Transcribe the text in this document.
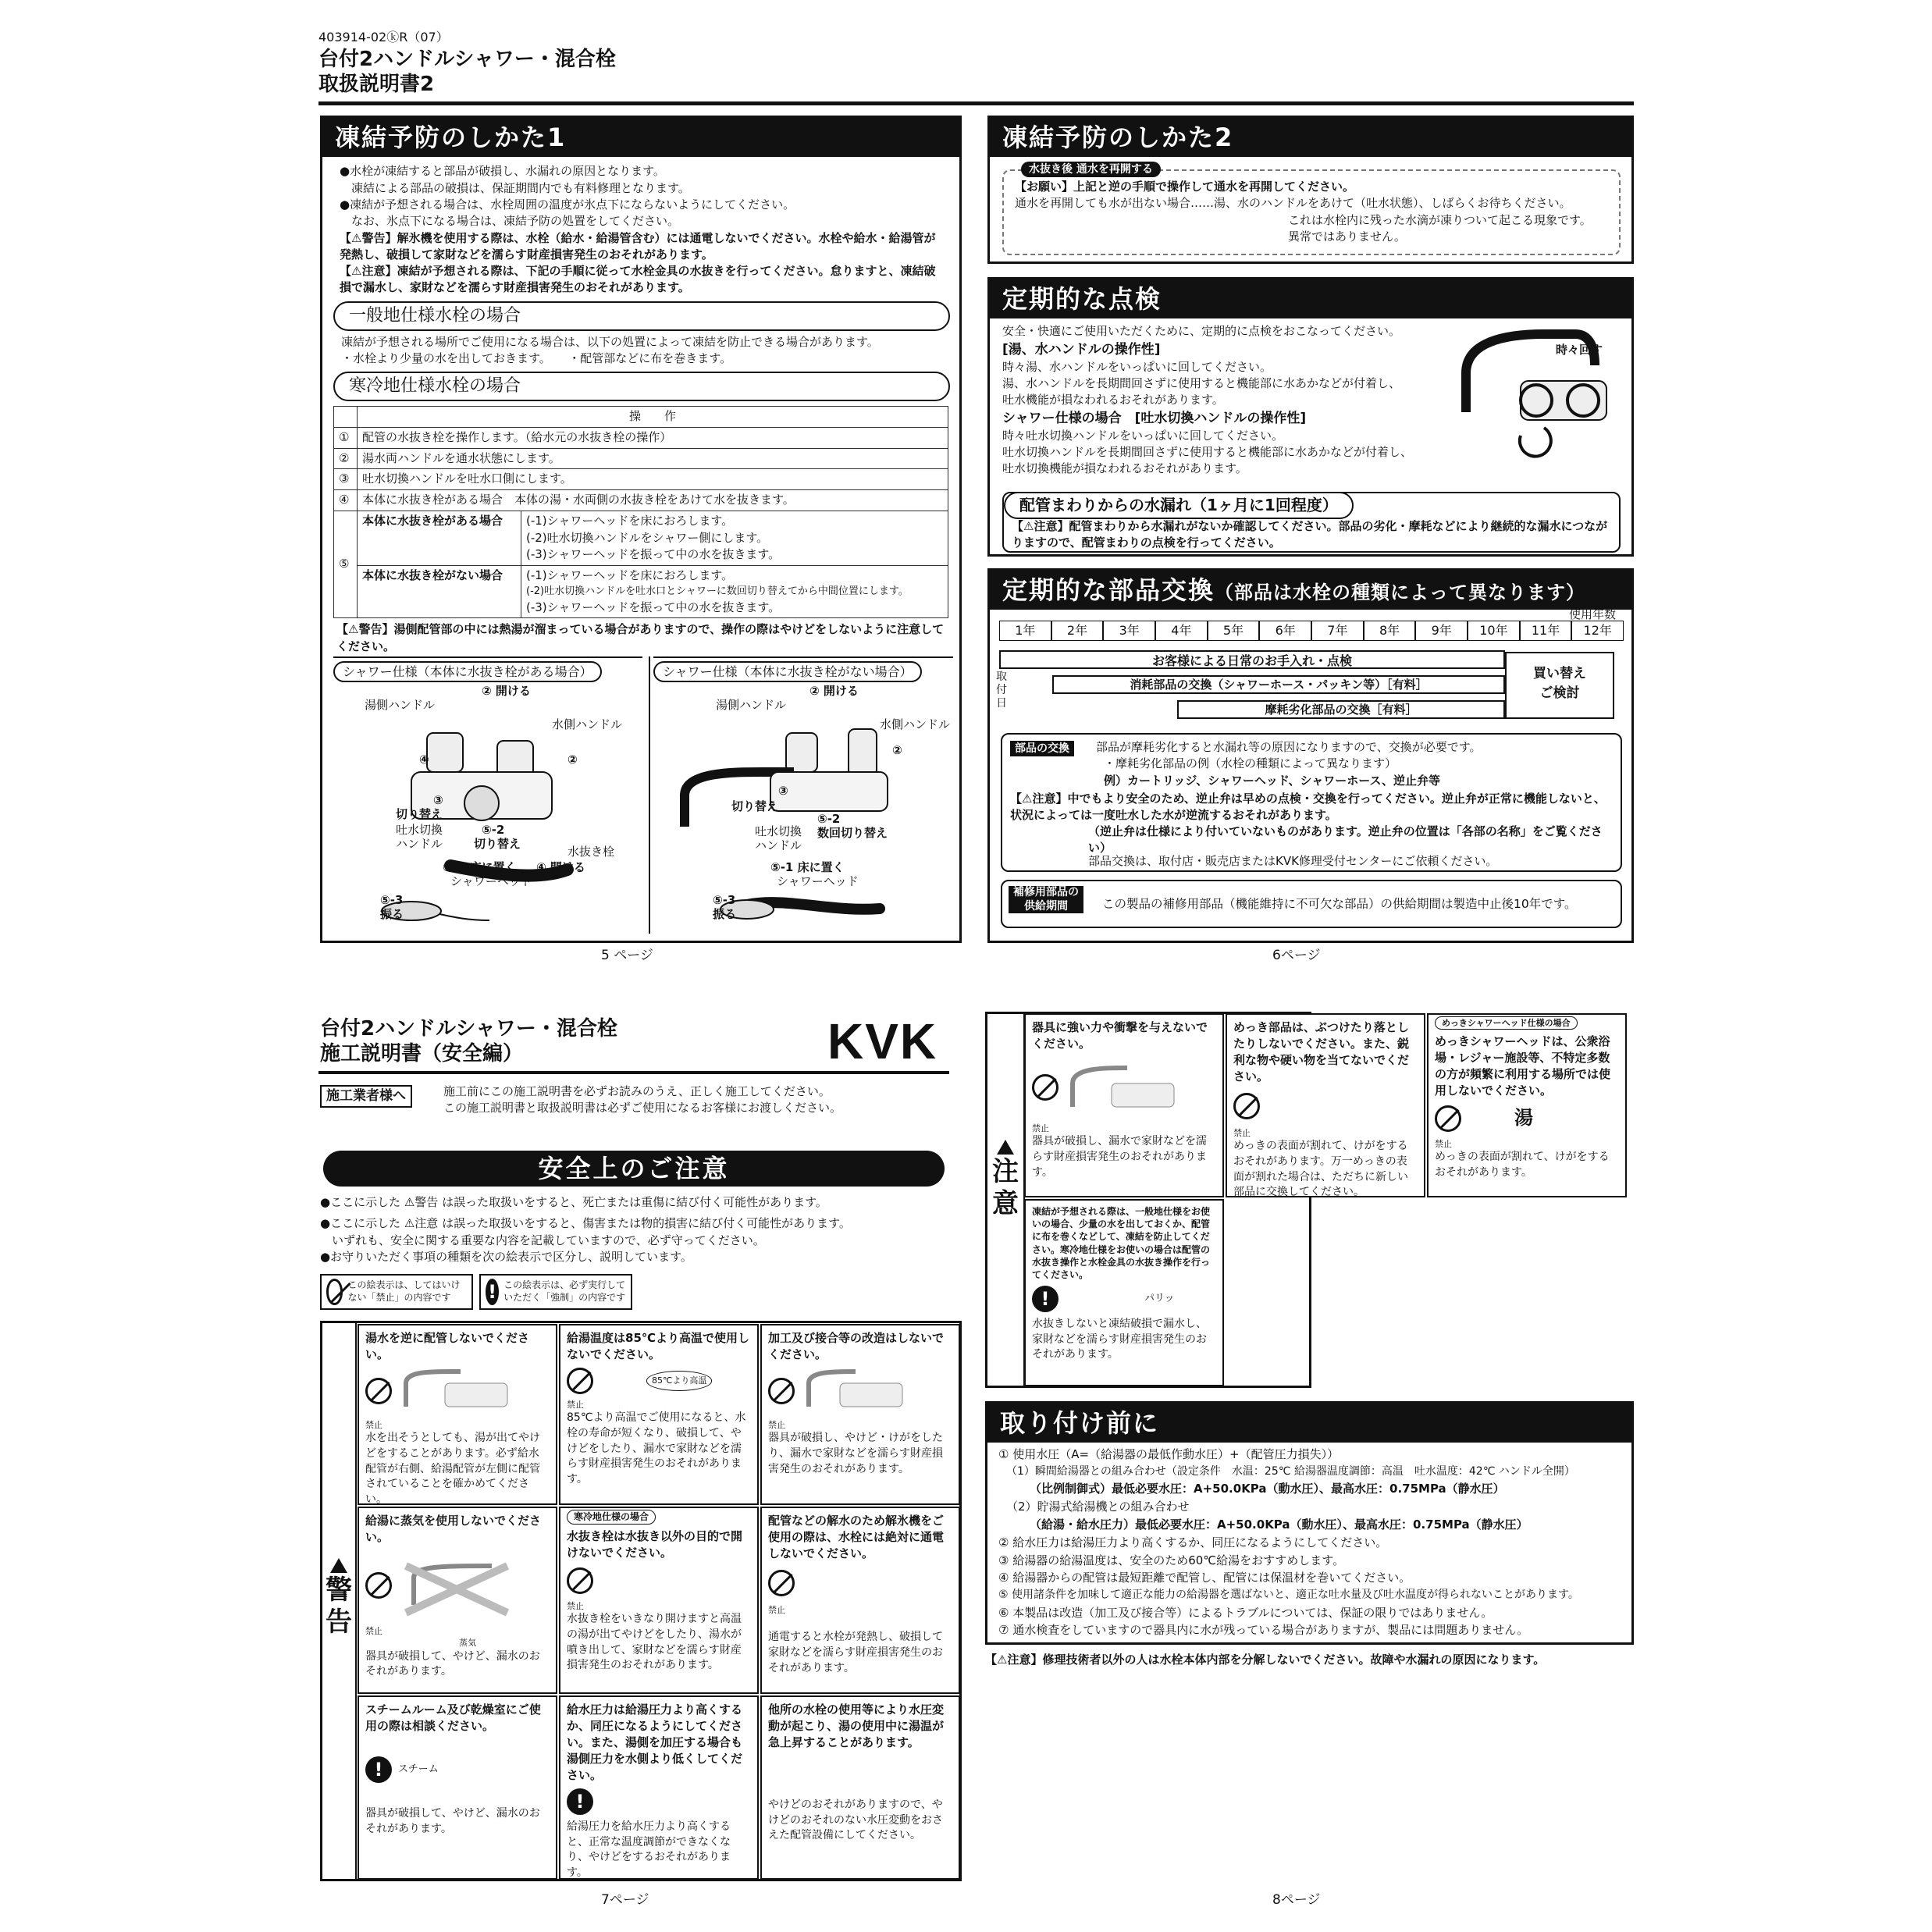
403914-02ⓚR（07）
台付2ハンドルシャワー・混合栓
取扱説明書2
凍結予防のしかた1
●水栓が凍結すると部品が破損し、水漏れの原因となります。
　凍結による部品の破損は、保証期間内でも有料修理となります。
●凍結が予想される場合は、水栓周囲の温度が氷点下にならないようにしてください。
　なお、氷点下になる場合は、凍結予防の処置をしてください。
【⚠警告】解氷機を使用する際は、水栓（給水・給湯管含む）には通電しないでください。水栓や給水・給湯管が発熱し、破損して家財などを濡らす財産損害発生のおそれがあります。
【⚠注意】凍結が予想される際は、下記の手順に従って水栓金具の水抜きを行ってください。怠りますと、凍結破損で漏水し、家財などを濡らす財産損害発生のおそれがあります。
一般地仕様水栓の場合
凍結が予想される場所でご使用になる場合は、以下の処置によって凍結を防止できる場合があります。
・水栓より少量の水を出しておきます。　　・配管部などに布を巻きます。
寒冷地仕様水栓の場合
	操　　作	
①	配管の水抜き栓を操作します。（給水元の水抜き栓の操作）	
②	湯水両ハンドルを通水状態にします。	
③	吐水切換ハンドルを吐水口側にします。	
④	本体に水抜き栓がある場合　本体の湯・水両側の水抜き栓をあけて水を抜きます。	
⑤	本体に水抜き栓がある場合	(-1)シャワーヘッドを床におろします。
(-2)吐水切換ハンドルをシャワー側にします。
(-3)シャワーヘッドを振って中の水を抜きます。

	本体に水抜き栓がない場合	(-1)シャワーヘッドを床におろします。
(-2)吐水切換ハンドルを吐水口とシャワーに数回切り替えてから中間位置にします。
(-3)シャワーヘッドを振って中の水を抜きます。
【⚠警告】湯側配管部の中には熱湯が溜まっている場合がありますので、操作の際はやけどをしないように注意してください。
シャワー仕様（本体に水抜き栓がある場合）
湯側ハンドル
② 開ける
水側ハンドル
④	②
③
切り替え
吐水切換
ハンドル
⑤-2
切り替え
水抜き栓
④ 開ける
⑤-1 床に置く
シャワーヘッド
⑤-3
振る
シャワー仕様（本体に水抜き栓がない場合）
湯側ハンドル
② 開ける
水側ハンドル
②
③
切り替え
吐水切換
ハンドル
⑤-2
数回切り替え
⑤-1 床に置く
シャワーヘッド
⑤-3
振る
5 ページ
凍結予防のしかた2
水抜き後 通水を再開する
【お願い】上記と逆の手順で操作して通水を再開してください。
通水を再開しても水が出ない場合……湯、水のハンドルをあけて（吐水状態）、しばらくお待ちください。
これは水栓内に残った水滴が凍りついて起こる現象です。
異常ではありません。
定期的な点検
安全・快適にご使用いただくために、定期的に点検をおこなってください。
[湯、水ハンドルの操作性]
時々湯、水ハンドルをいっぱいに回してください。
湯、水ハンドルを長期間回さずに使用すると機能部に水あかなどが付着し、
吐水機能が損なわれるおそれがあります。
シャワー仕様の場合　[吐水切換ハンドルの操作性]
時々吐水切換ハンドルをいっぱいに回してください。
吐水切換ハンドルを長期間回さずに使用すると機能部に水あかなどが付着し、
吐水切換機能が損なわれるおそれがあります。
時々回す
配管まわりからの水漏れ（1ヶ月に1回程度）
【⚠注意】配管まわりから水漏れがないか確認してください。部品の劣化・摩耗などにより継続的な漏水につながりますので、配管まわりの点検を行ってください。
定期的な部品交換（部品は水栓の種類によって異なります）
使用年数
1年	2年	3年	4年	5年	6年	7年	8年	9年	10年	11年	12年
お客様による日常のお手入れ・点検
消耗部品の交換（シャワーホース・パッキン等）［有料］
摩耗劣化部品の交換［有料］
取付日
買い替え
ご検討
部品の交換	部品が摩耗劣化すると水漏れ等の原因になりますので、交換が必要です。
・摩耗劣化部品の例（水栓の種類によって異なります）
例）カートリッジ、シャワーヘッド、シャワーホース、逆止弁等
【⚠注意】中でもより安全のため、逆止弁は早めの点検・交換を行ってください。逆止弁が正常に機能しないと、状況によっては一度吐水した水が逆流するおそれがあります。
（逆止弁は仕様により付いていないものがあります。逆止弁の位置は「各部の名称」をご覧ください）
部品交換は、取付店・販売店またはKVK修理受付センターにご依頼ください。
補修用部品の
供給期間	この製品の補修用部品（機能維持に不可欠な部品）の供給期間は製造中止後10年です。
6ページ
台付2ハンドルシャワー・混合栓
施工説明書（安全編）	KVK
施工業者様へ	施工前にこの施工説明書を必ずお読みのうえ、正しく施工してください。
この施工説明書と取扱説明書は必ずご使用になるお客様にお渡しください。
安全上のご注意
●ここに示した ⚠警告 は誤った取扱いをすると、死亡または重傷に結び付く可能性があります。
●ここに示した ⚠注意 は誤った取扱いをすると、傷害または物的損害に結び付く可能性があります。
　いずれも、安全に関する重要な内容を記載していますので、必ず守ってください。
●お守りいただく事項の種類を次の絵表示で区分し、説明しています。
この絵表示は、してはいけない「禁止」の内容です	! この絵表示は、必ず実行していただく「強制」の内容です
警告
湯水を逆に配管しないでください。
禁止
水を出そうとしても、湯が出てやけどをすることがあります。必ず給水配管が右側、給湯配管が左側に配管されていることを確かめてください。
給湯温度は85℃より高温で使用しないでください。
85℃より高温
禁止
85℃より高温でご使用になると、水栓の寿命が短くなり、破損して、やけどをしたり、漏水で家財などを濡らす財産損害発生のおそれがあります。
加工及び接合等の改造はしないでください。
禁止
器具が破損し、やけど・けがをしたり、漏水で家財などを濡らす財産損害発生のおそれがあります。
給湯に蒸気を使用しないでください。
禁止
蒸気
器具が破損して、やけど、漏水のおそれがあります。
寒冷地仕様の場合
水抜き栓は水抜き以外の目的で開けないでください。
禁止
水抜き栓をいきなり開けますと高温の湯が出てやけどをしたり、湯水が噴き出して、家財などを濡らす財産損害発生のおそれがあります。
配管などの解水のため解氷機をご使用の際は、水栓には絶対に通電しないでください。
禁止
通電すると水栓が発熱し、破損して家財などを濡らす財産損害発生のおそれがあります。
スチームルーム及び乾燥室にご使用の際は相談ください。
!	スチーム
器具が破損して、やけど、漏水のおそれがあります。
給水圧力は給湯圧力より高くするか、同圧になるようにしてください。また、湯側を加圧する場合も湯側圧力を水側より低くしてください。
!
給湯圧力を給水圧力より高くすると、正常な温度調節ができなくなり、やけどをするおそれがあります。
他所の水栓の使用等により水圧変動が起こり、湯の使用中に湯温が急上昇することがあります。
やけどのおそれがありますので、やけどのおそれのない水圧変動をおさえた配管設備にしてください。
7ページ
注意
器具に強い力や衝撃を与えないでください。
禁止
器具が破損し、漏水で家財などを濡らす財産損害発生のおそれがあります。
めっき部品は、ぶつけたり落としたりしないでください。また、鋭利な物や硬い物を当てないでください。
禁止
めっきの表面が割れて、けがをするおそれがあります。万一めっきの表面が割れた場合は、ただちに新しい部品に交換してください。
めっきシャワーヘッド仕様の場合
めっきシャワーヘッドは、公衆浴場・レジャー施設等、不特定多数の方が頻繁に利用する場所では使用しないでください。
湯
禁止
めっきの表面が割れて、けがをするおそれがあります。
凍結が予想される際は、一般地仕様をお使いの場合、少量の水を出しておくか、配管に布を巻くなどして、凍結を防止してください。寒冷地仕様をお使いの場合は配管の水抜き操作と水栓金具の水抜き操作を行ってください。
!	パリッ
水抜きしないと凍結破損で漏水し、家財などを濡らす財産損害発生のおそれがあります。
取り付け前に
① 使用水圧（A=（給湯器の最低作動水圧）+（配管圧力損失））
（1）瞬間給湯器との組み合わせ（設定条件　水温：25℃ 給湯器温度調節：高温　吐水温度：42℃ ハンドル全開）
（比例制御式）最低必要水圧：A+50.0KPa（動水圧）、最高水圧：0.75MPa（静水圧）
（2）貯湯式給湯機との組み合わせ
（給湯・給水圧力）最低必要水圧：A+50.0KPa（動水圧）、最高水圧：0.75MPa（静水圧）
② 給水圧力は給湯圧力より高くするか、同圧になるようにしてください。
③ 給湯器の給湯温度は、安全のため60℃給湯をおすすめします。
④ 給湯器からの配管は最短距離で配管し、配管には保温材を巻いてください。
⑤ 使用諸条件を加味して適正な能力の給湯器を選ばないと、適正な吐水量及び吐水温度が得られないことがあります。
⑥ 本製品は改造（加工及び接合等）によるトラブルについては、保証の限りではありません。
⑦ 通水検査をしていますので器具内に水が残っている場合がありますが、製品には問題ありません。
【⚠注意】修理技術者以外の人は水栓本体内部を分解しないでください。故障や水漏れの原因になります。
8ページ
